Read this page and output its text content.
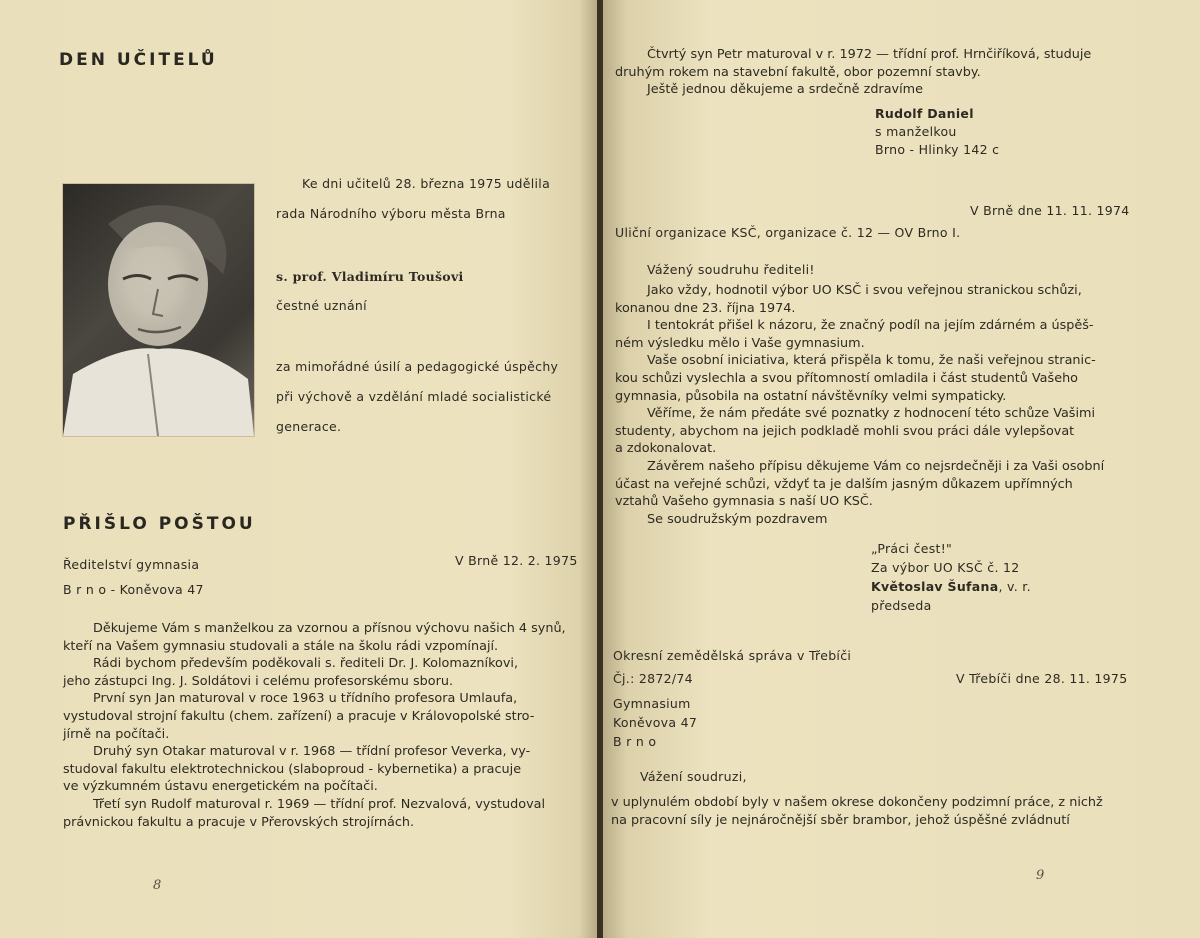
DEN UČITELŮ
Ke dni učitelů 28. března 1975 udělila
rada Národního výboru města Brna
s. prof. Vladimíru Toušovi
čestné uznání
za mimořádné úsilí a pedagogické úspěchy
při výchově a vzdělání mladé socialistické
generace.
PŘIŠLO POŠTOU
Ředitelství gymnasia	V Brně 12. 2. 1975
B r n o - Koněvova 47

Děkujeme Vám s manželkou za vzornou a přísnou výchovu našich 4 synů,

kteří na Vašem gymnasiu studovali a stále na školu rádi vzpomínají.

Rádi bychom především poděkovali s. řediteli Dr. J. Kolomazníkovi,

jeho zástupci Ing. J. Soldátovi i celému profesorskému sboru.

První syn Jan maturoval v roce 1963 u třídního profesora Umlaufa,

vystudoval strojní fakultu (chem. zařízení) a pracuje v Královopolské stro-

jírně na počítači.

Druhý syn Otakar maturoval v r. 1968 — třídní profesor Veverka, vy-

studoval fakultu elektrotechnickou (slaboproud - kybernetika) a pracuje

ve výzkumném ústavu energetickém na počítači.

Třetí syn Rudolf maturoval r. 1969 — třídní prof. Nezvalová, vystudoval

právnickou fakultu a pracuje v Přerovských strojírnách.

8

Čtvrtý syn Petr maturoval v r. 1972 — třídní prof. Hrnčiříková, studuje

druhým rokem na stavební fakultě, obor pozemní stavby.

Ještě jednou děkujeme a srdečně zdravíme

Rudolf Daniel
s manželkou
Brno - Hlinky 142 c
V Brně dne 11. 11. 1974
Uliční organizace KSČ, organizace č. 12 — OV Brno I.
Vážený soudruhu řediteli!

Jako vždy, hodnotil výbor UO KSČ i svou veřejnou stranickou schůzi,

konanou dne 23. října 1974.

I tentokrát přišel k názoru, že značný podíl na jejím zdárném a úspěš-

ném výsledku mělo i Vaše gymnasium.

Vaše osobní iniciativa, která přispěla k tomu, že naši veřejnou stranic-

kou schůzi vyslechla a svou přítomností omladila i část studentů Vašeho

gymnasia, působila na ostatní návštěvníky velmi sympaticky.

Věříme, že nám předáte své poznatky z hodnocení této schůze Vašimi

studenty, abychom na jejich podkladě mohli svou práci dále vylepšovat

a zdokonalovat.

Závěrem našeho přípisu děkujeme Vám co nejsrdečněji i za Vaši osobní

účast na veřejné schůzi, vždyť ta je dalším jasným důkazem upřímných

vztahů Vašeho gymnasia s naší UO KSČ.

Se soudružským pozdravem

„Práci čest!"
Za výbor UO KSČ č. 12
Květoslav Šufana, v. r.
předseda
Okresní zemědělská správa v Třebíči
Čj.: 2872/74	V Třebíči dne 28. 11. 1975
Gymnasium
Koněvova 47
B r n o
Vážení soudruzi,

v uplynulém období byly v našem okrese dokončeny podzimní práce, z nichž

na pracovní síly je nejnáročnější sběr brambor, jehož úspěšné zvládnutí

9
